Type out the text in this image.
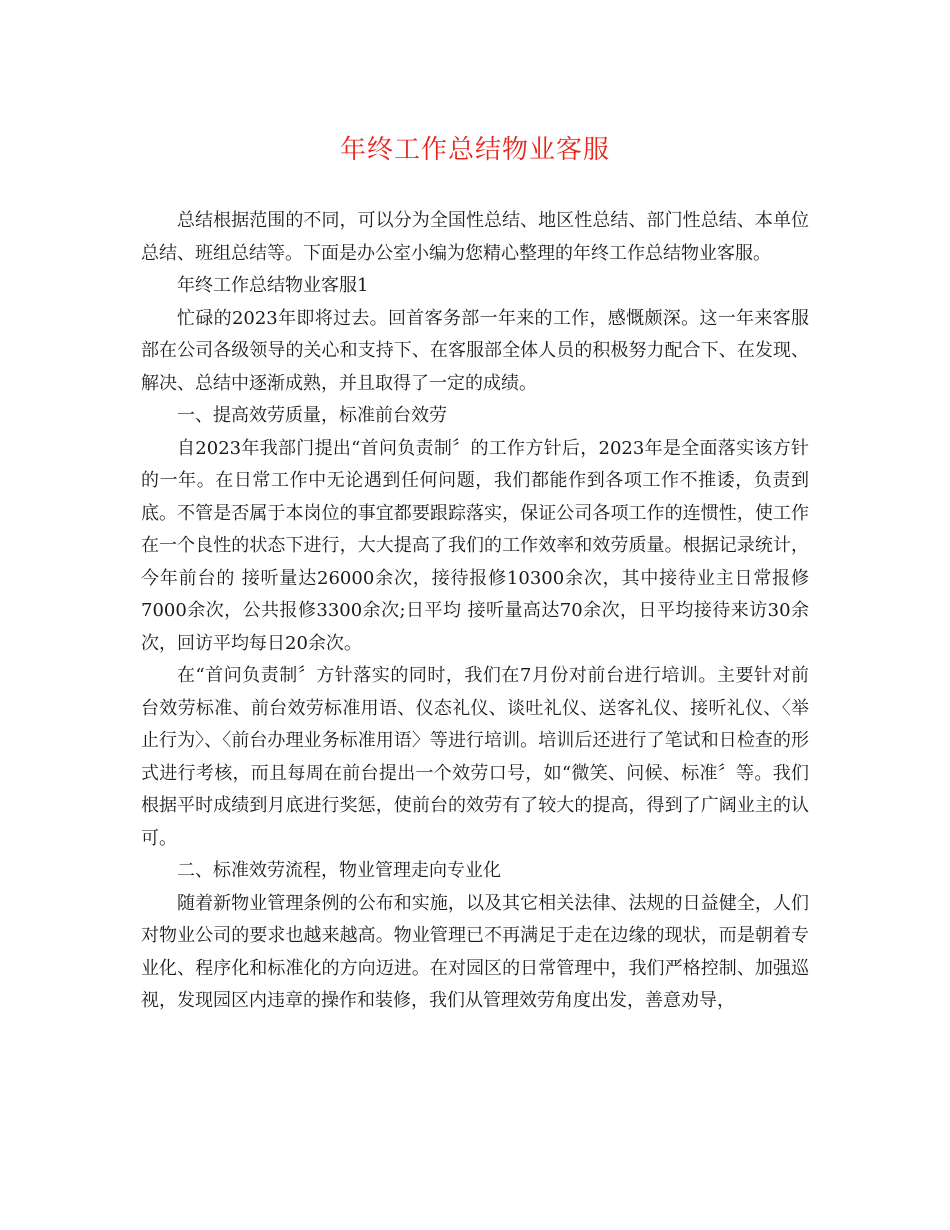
年终工作总结物业客服

总结根据范围的不同，可以分为全国性总结、地区性总结、部门性总结、本单位总结、班组总结等。下面是办公室小编为您精心整理的年终工作总结物业客服。

年终工作总结物业客服1

忙碌的2023年即将过去。回首客务部一年来的工作，感慨颇深。这一年来客服部在公司各级领导的关心和支持下、在客服部全体人员的积极努力配合下、在发现、解决、总结中逐渐成熟，并且取得了一定的成绩。

一、提高效劳质量，标准前台效劳

自2023年我部门提出“首问负责制〞的工作方针后，2023年是全面落实该方针的一年。在日常工作中无论遇到任何问题，我们都能作到各项工作不推诿，负责到底。不管是否属于本岗位的事宜都要跟踪落实，保证公司各项工作的连惯性，使工作在一个良性的状态下进行，大大提高了我们的工作效率和效劳质量。根据记录统计，今年前台的 接听量达26000余次，接待报修10300余次，其中接待业主日常报修7000余次，公共报修3300余次;日平均 接听量高达70余次，日平均接待来访30余次，回访平均每日20余次。

在“首问负责制〞方针落实的同时，我们在7月份对前台进行培训。主要针对前台效劳标准、前台效劳标准用语、仪态礼仪、谈吐礼仪、送客礼仪、接听礼仪、〈举止行为〉、〈前台办理业务标准用语〉等进行培训。培训后还进行了笔试和日检查的形式进行考核，而且每周在前台提出一个效劳口号，如“微笑、问候、标准〞等。我们根据平时成绩到月底进行奖惩，使前台的效劳有了较大的提高，得到了广阔业主的认可。

二、标准效劳流程，物业管理走向专业化

随着新物业管理条例的公布和实施，以及其它相关法律、法规的日益健全，人们对物业公司的要求也越来越高。物业管理已不再满足于走在边缘的现状，而是朝着专业化、程序化和标准化的方向迈进。在对园区的日常管理中，我们严格控制、加强巡视，发现园区内违章的操作和装修，我们从管理效劳角度出发，善意劝导，
